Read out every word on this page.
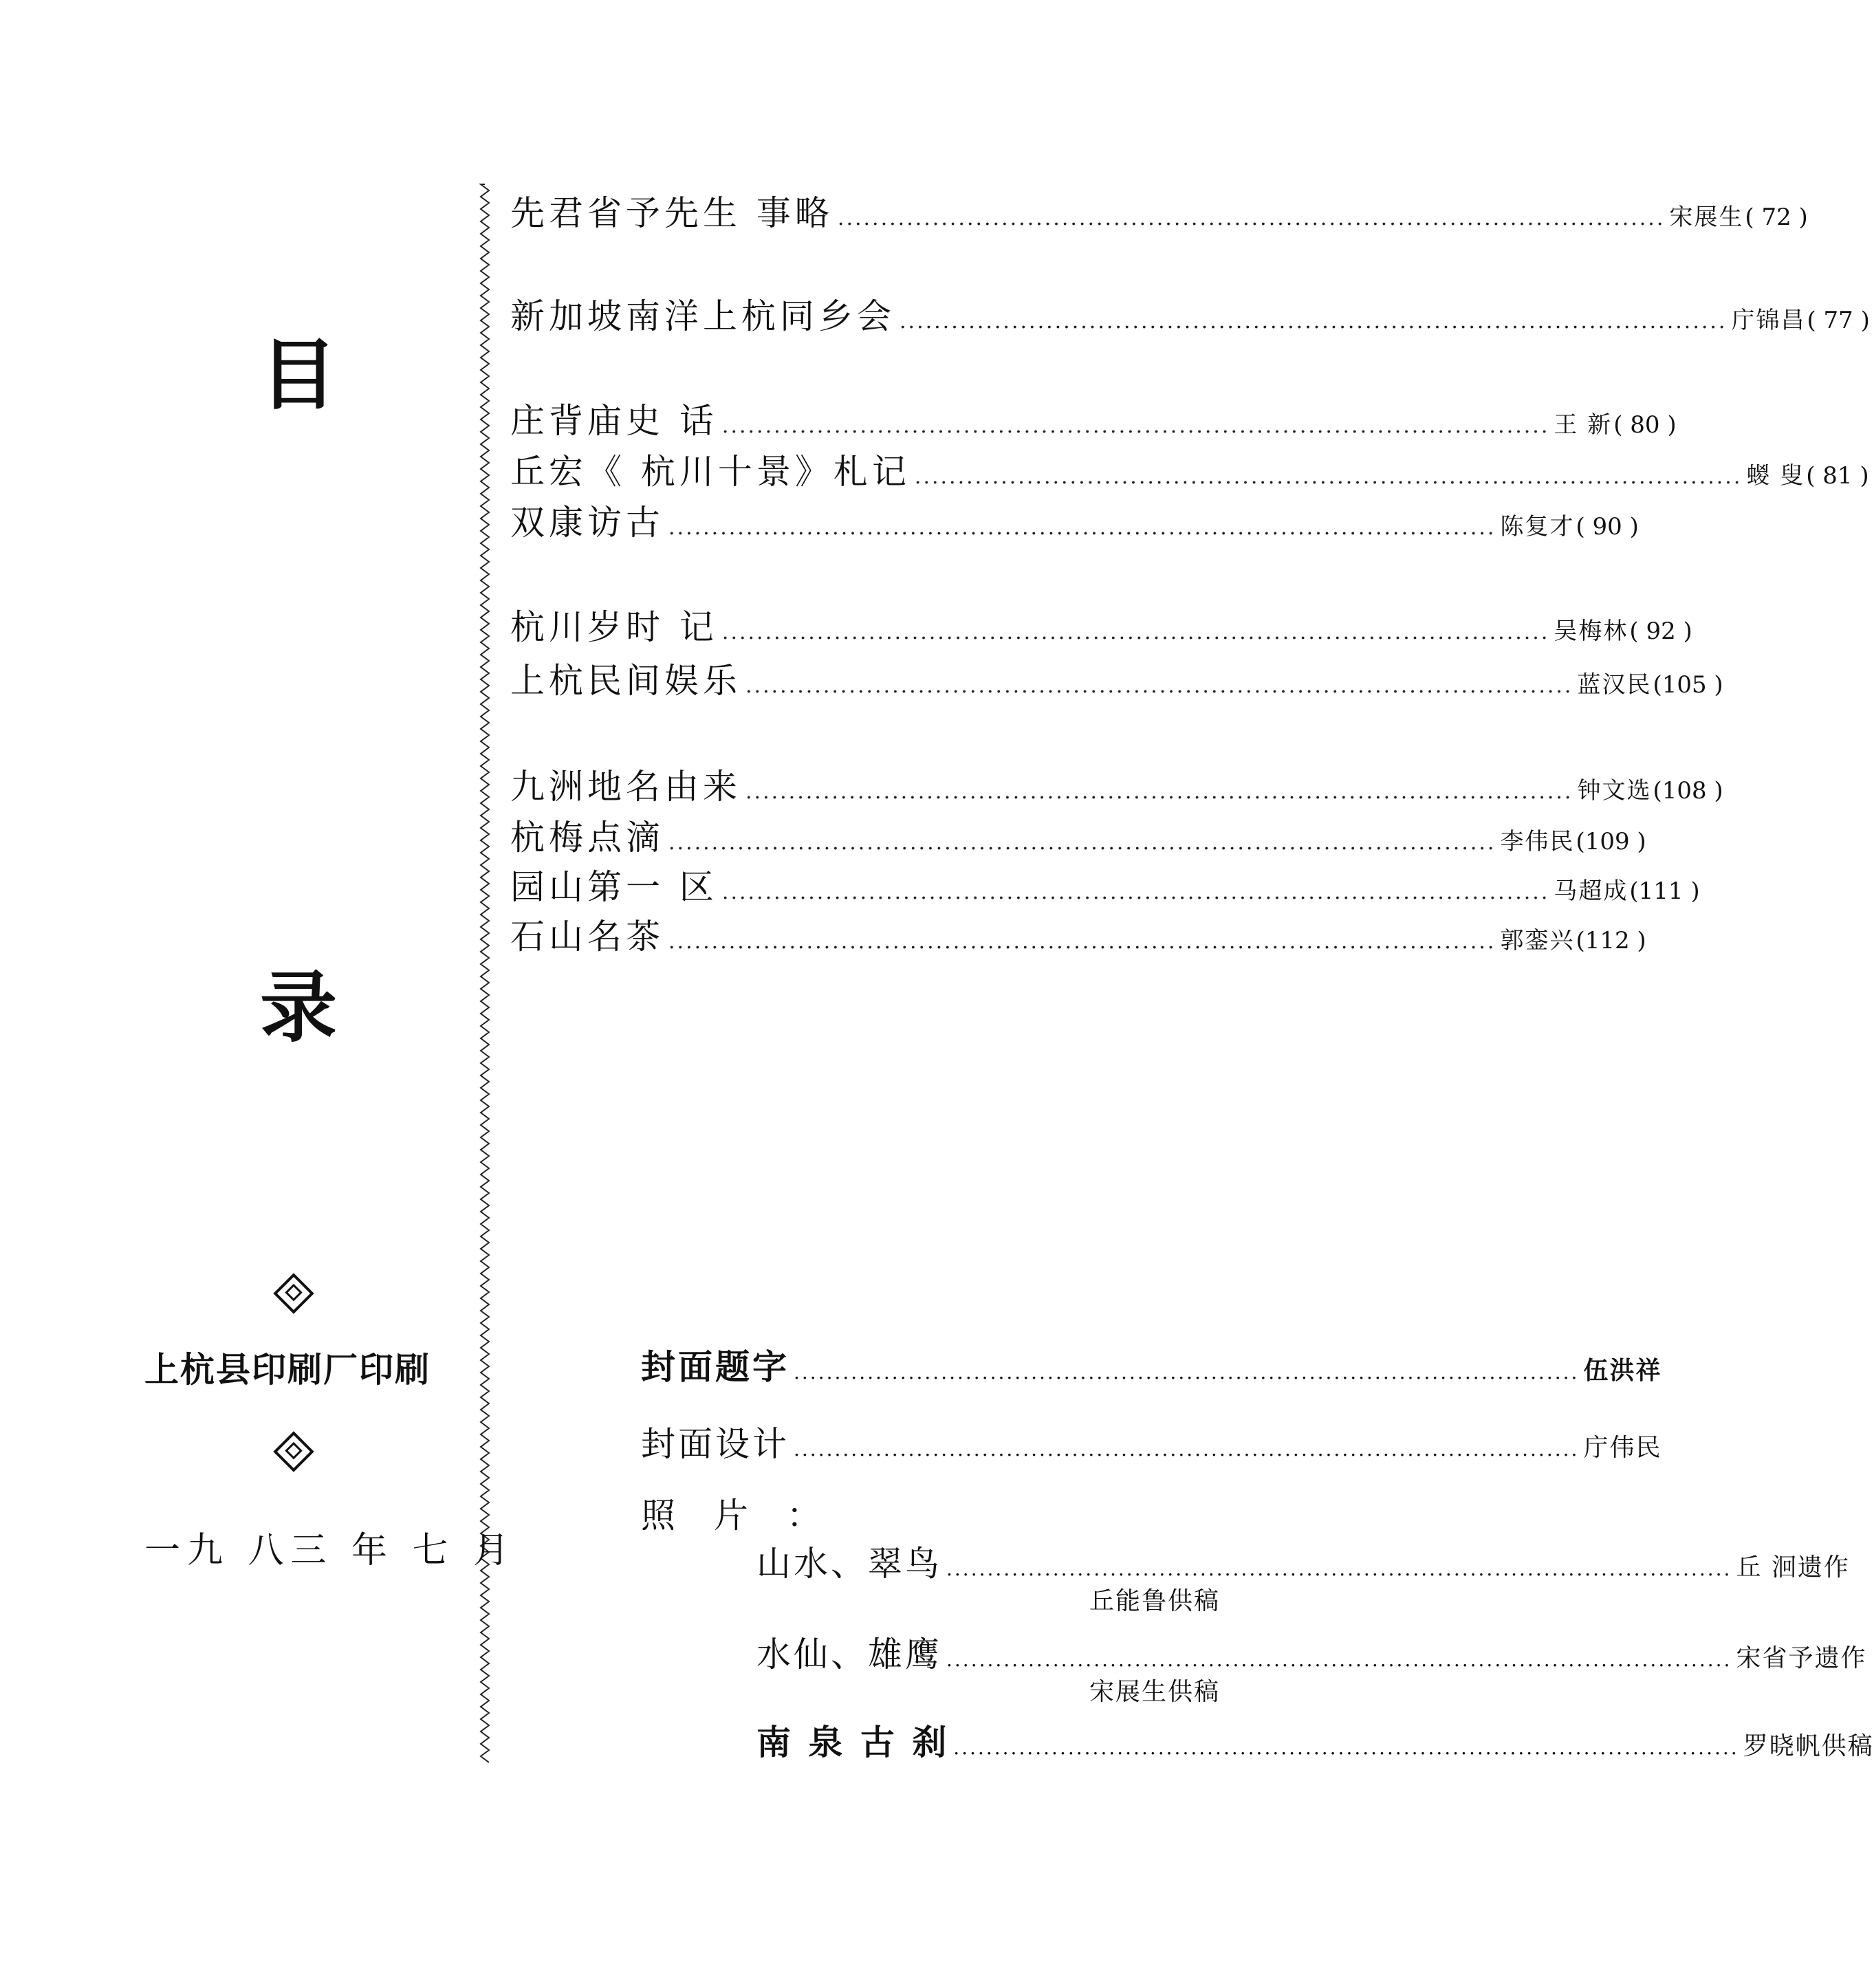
目
录
先君省予先生 事略 ................................................................................................ 宋展生 ( 72 )
新加坡南洋上杭同乡会 ................................................................................................ 庁锦昌 ( 77 )
庄背庙史 话 ................................................................................................ 王 新 ( 80 )
丘宏《 杭川十景》札记 ................................................................................................ 蝬 叟 ( 81 )
双康访古 ................................................................................................ 陈复才 ( 90 )
杭川岁时 记 ................................................................................................ 吴梅林 ( 92 )
上杭民间娱乐 ................................................................................................ 蓝汉民 (105 )
九洲地名由来 ................................................................................................ 钟文选 (108 )
杭梅点滴 ................................................................................................ 李伟民 (109 )
园山第一 区 ................................................................................................ 马超成 (111 )
石山名茶 ................................................................................................ 郭銮兴 (112 )
上杭县印刷厂印刷
一九 八三 年 七 月
封面题字 ................................................................................................ 伍洪祥
封面设计 ................................................................................................ 庁伟民
照 片 ：
山水、翠鸟 ................................................................................................ 丘 洄遗作
丘能鲁供稿
水仙、雄鹰 ................................................................................................ 宋省予遗作
宋展生供稿
南 泉 古 刹 ................................................................................................ 罗晓帆供稿
